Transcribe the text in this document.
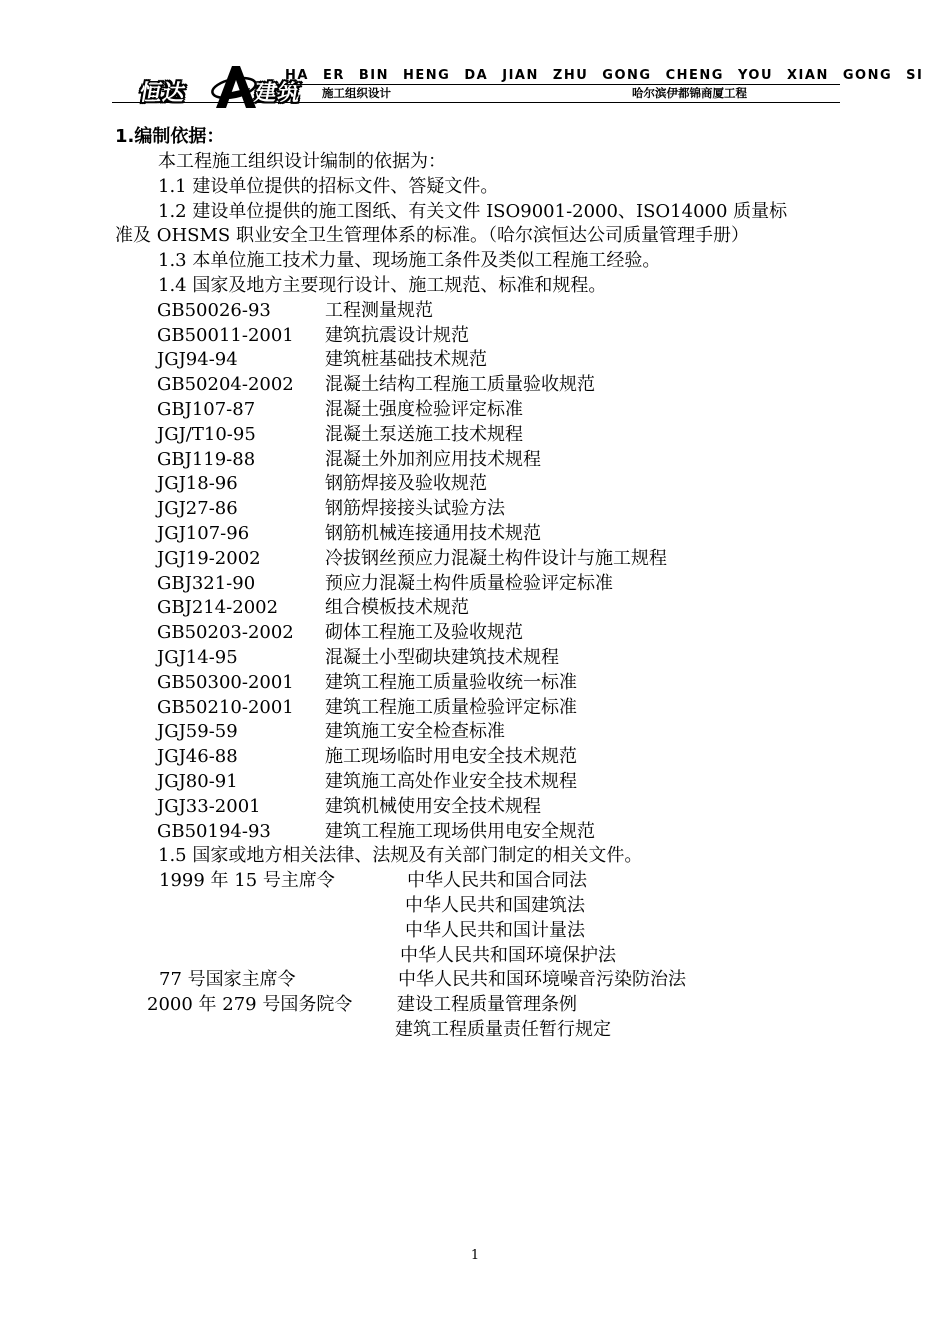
恒达	建筑
HA ER BIN HENG DA JIAN ZHU GONG CHENG YOU XIAN GONG SI
施工组织设计	哈尔滨伊都锦商厦工程
1.编制依据：
本工程施工组织设计编制的依据为：
1.1 建设单位提供的招标文件、答疑文件。
1.2 建设单位提供的施工图纸、有关文件 ISO9001-2000、ISO14000 质量标
准及 OHSMS 职业安全卫生管理体系的标准。（哈尔滨恒达公司质量管理手册）
1.3 本单位施工技术力量、现场施工条件及类似工程施工经验。
1.4 国家及地方主要现行设计、施工规范、标准和规程。
GB50026-93	工程测量规范
GB50011-2001 建筑抗震设计规范
JGJ94-94	建筑桩基础技术规范
GB50204-2002 混凝土结构工程施工质量验收规范
GBJ107-87	混凝土强度检验评定标准
JGJ/T10-95	混凝土泵送施工技术规程
GBJ119-88	混凝土外加剂应用技术规程
JGJ18-96	钢筋焊接及验收规范
JGJ27-86	钢筋焊接接头试验方法
JGJ107-96	钢筋机械连接通用技术规范
JGJ19-2002	冷拔钢丝预应力混凝土构件设计与施工规程
GBJ321-90	预应力混凝土构件质量检验评定标准
GBJ214-2002	组合模板技术规范
GB50203-2002 砌体工程施工及验收规范
JGJ14-95	混凝土小型砌块建筑技术规程
GB50300-2001 建筑工程施工质量验收统一标准
GB50210-2001 建筑工程施工质量检验评定标准
JGJ59-59	建筑施工安全检查标准
JGJ46-88	施工现场临时用电安全技术规范
JGJ80-91	建筑施工高处作业安全技术规程
JGJ33-2001	建筑机械使用安全技术规程
GB50194-93	建筑工程施工现场供用电安全规范
1.5 国家或地方相关法律、法规及有关部门制定的相关文件。
1999 年 15 号主席令	中华人民共和国合同法
中华人民共和国建筑法
中华人民共和国计量法
中华人民共和国环境保护法
77 号国家主席令	中华人民共和国环境噪音污染防治法
2000 年 279 号国务院令 建设工程质量管理条例
建筑工程质量责任暂行规定
1
